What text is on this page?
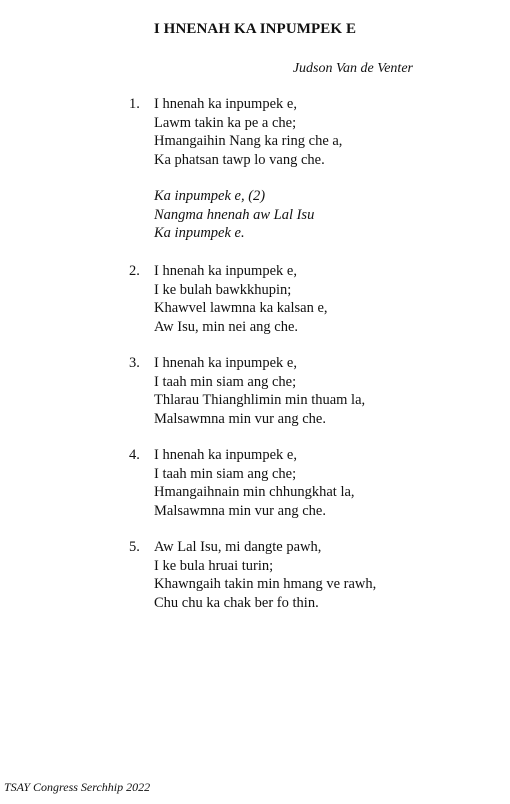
I HNENAH KA INPUMPEK E

Judson Van de Venter

1. I hnenah ka inpumpek e,
Lawm takin ka pe a che;
Hmangaihin Nang ka ring che a,
Ka phatsan tawp lo vang che.
Ka inpumpek e, (2)
Nangma hnenah aw Lal Isu
Ka inpumpek e.
2. I hnenah ka inpumpek e,
I ke bulah bawkkhupin;
Khawvel lawmna ka kalsan e,
Aw Isu, min nei ang che.
3. I hnenah ka inpumpek e,
I taah min siam ang che;
Thlarau Thianghlimin min thuam la,
Malsawmna min vur ang che.
4. I hnenah ka inpumpek e,
I taah min siam ang che;
Hmangaihnain min chhungkhat la,
Malsawmna min vur ang che.
5. Aw Lal Isu, mi dangte pawh,
I ke bula hruai turin;
Khawngaih takin min hmang ve rawh,
Chu chu ka chak ber fo thin.

TSAY Congress Serchhip 2022
